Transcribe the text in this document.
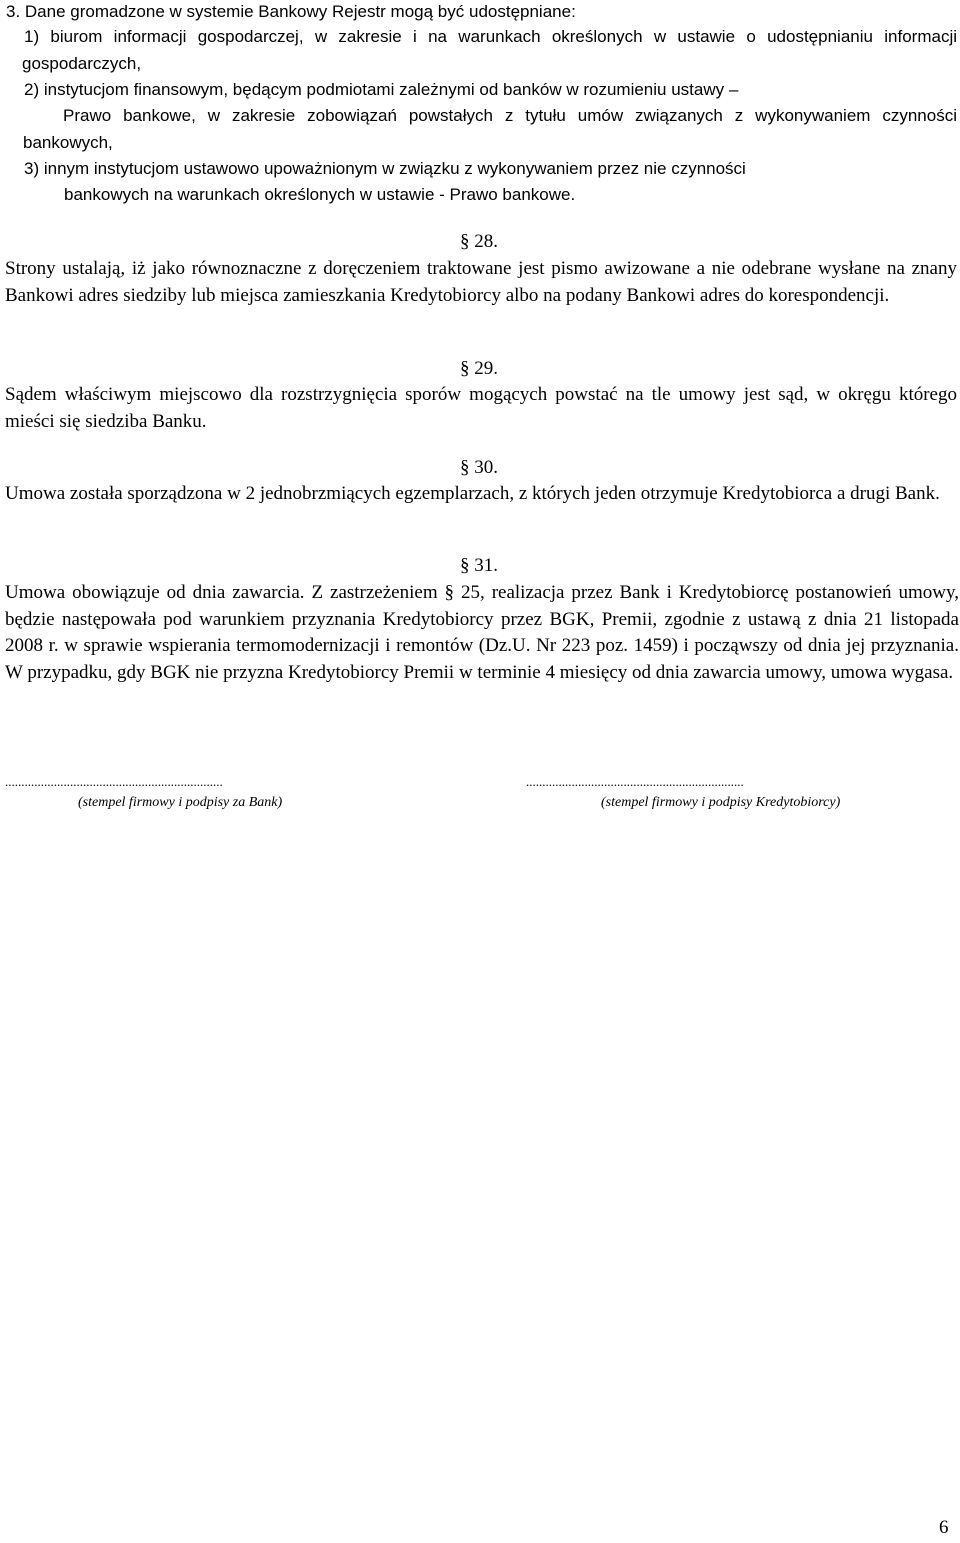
3. Dane gromadzone w systemie Bankowy Rejestr mogą być udostępniane:
1) biurom informacji gospodarczej, w zakresie i na warunkach określonych w ustawie o udostępnianiu informacji gospodarczych,
2) instytucjom finansowym, będącym podmiotami zależnymi od banków w rozumieniu ustawy –
Prawo bankowe, w zakresie zobowiązań powstałych z tytułu umów związanych z wykonywaniem czynności bankowych,
3) innym instytucjom ustawowo upoważnionym w związku z wykonywaniem przez nie czynności
bankowych na warunkach określonych w ustawie - Prawo bankowe.
§ 28.
Strony ustalają, iż jako równoznaczne z doręczeniem traktowane jest pismo awizowane a nie odebrane wysłane na znany Bankowi adres siedziby lub miejsca zamieszkania Kredytobiorcy albo na podany Bankowi adres do korespondencji.
§ 29.
Sądem właściwym miejscowo dla rozstrzygnięcia sporów mogących powstać na tle umowy jest sąd, w okręgu którego mieści się siedziba Banku.
§ 30.
Umowa została sporządzona w 2 jednobrzmiących egzemplarzach, z których jeden otrzymuje Kredytobiorca a drugi Bank.
§ 31.
Umowa obowiązuje od dnia zawarcia. Z zastrzeżeniem § 25, realizacja przez Bank i Kredytobiorcę postanowień umowy, będzie następowała pod warunkiem przyznania Kredytobiorcy przez BGK, Premii, zgodnie z ustawą z dnia 21 listopada 2008 r. w sprawie wspierania termomodernizacji i remontów (Dz.U. Nr 223 poz. 1459) i począwszy od dnia jej przyznania. W przypadku, gdy BGK nie przyzna Kredytobiorcy Premii w terminie 4 miesięcy od dnia zawarcia umowy, umowa wygasa.
...................................................................
(stempel firmowy i podpisy za Bank)
...................................................................
(stempel firmowy i podpisy Kredytobiorcy)
6
